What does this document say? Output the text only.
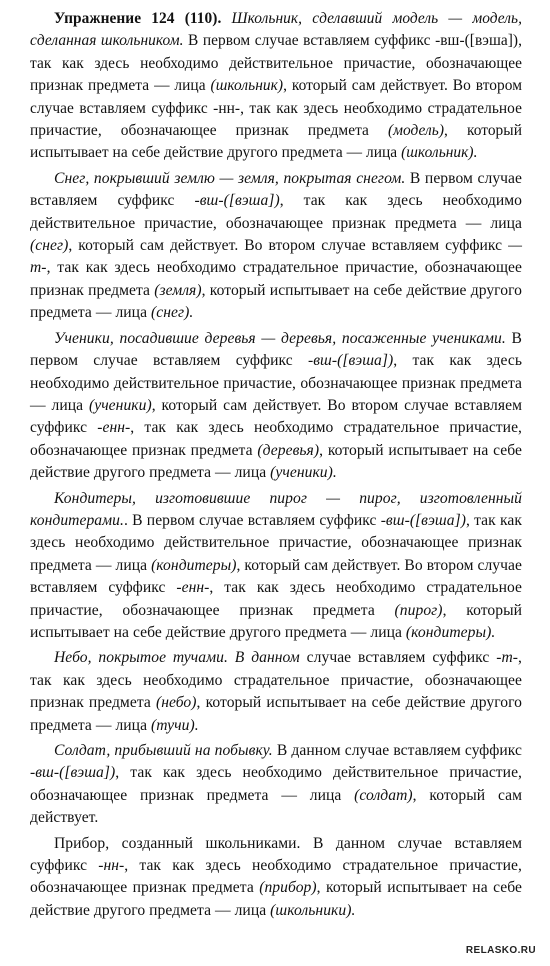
Упражнение 124 (110). Школьник, сделавший модель — модель, сделанная школьником. В первом случае вставляем суффикс -вш-([вэша]), так как здесь необходимо действительное причастие, обозначающее признак предмета — лица (школьник), который сам действует. Во втором случае вставляем суффикс -нн-, так как здесь необходимо страдательное причастие, обозначающее признак предмета (модель), который испытывает на себе действие другого предмета — лица (школьник).

Снег, покрывший землю — земля, покрытая снегом. В первом случае вставляем суффикс -вш-([вэша]), так как здесь необходимо действительное причастие, обозначающее признак предмета — лица (снег), который сам действует. Во втором случае вставляем суффикс — т-, так как здесь необходимо страдательное причастие, обозначающее признак предмета (земля), который испытывает на себе действие другого предмета — лица (снег).

Ученики, посадившие деревья — деревья, посаженные учениками. В первом случае вставляем суффикс -вш-([вэша]), так как здесь необходимо действительное причастие, обозначающее признак предмета — лица (ученики), который сам действует. Во втором случае вставляем суффикс -енн-, так как здесь необходимо страдательное причастие, обозначающее признак предмета (деревья), который испытывает на себе действие другого предмета — лица (ученики).

Кондитеры, изготовившие пирог — пирог, изготовленный кондитерами.. В первом случае вставляем суффикс -вш-([вэша]), так как здесь необходимо действительное причастие, обозначающее признак предмета — лица (кондитеры), который сам действует. Во втором случае вставляем суффикс -енн-, так как здесь необходимо страдательное причастие, обозначающее признак предмета (пирог), который испытывает на себе действие другого предмета — лица (кондитеры).

Небо, покрытое тучами. В данном случае вставляем суффикс -т-, так как здесь необходимо страдательное причастие, обозначающее признак предмета (небо), который испытывает на себе действие другого предмета — лица (тучи).

Солдат, прибывший на побывку. В данном случае вставляем суффикс -вш-([вэша]), так как здесь необходимо действительное причастие, обозначающее признак предмета — лица (солдат), который сам действует.

Прибор, созданный школьниками. В данном случае вставляем суффикс -нн-, так как здесь необходимо страдательное причастие, обозначающее признак предмета (прибор), который испытывает на себе действие другого предмета — лица (школьники).

RELASKO.RU
